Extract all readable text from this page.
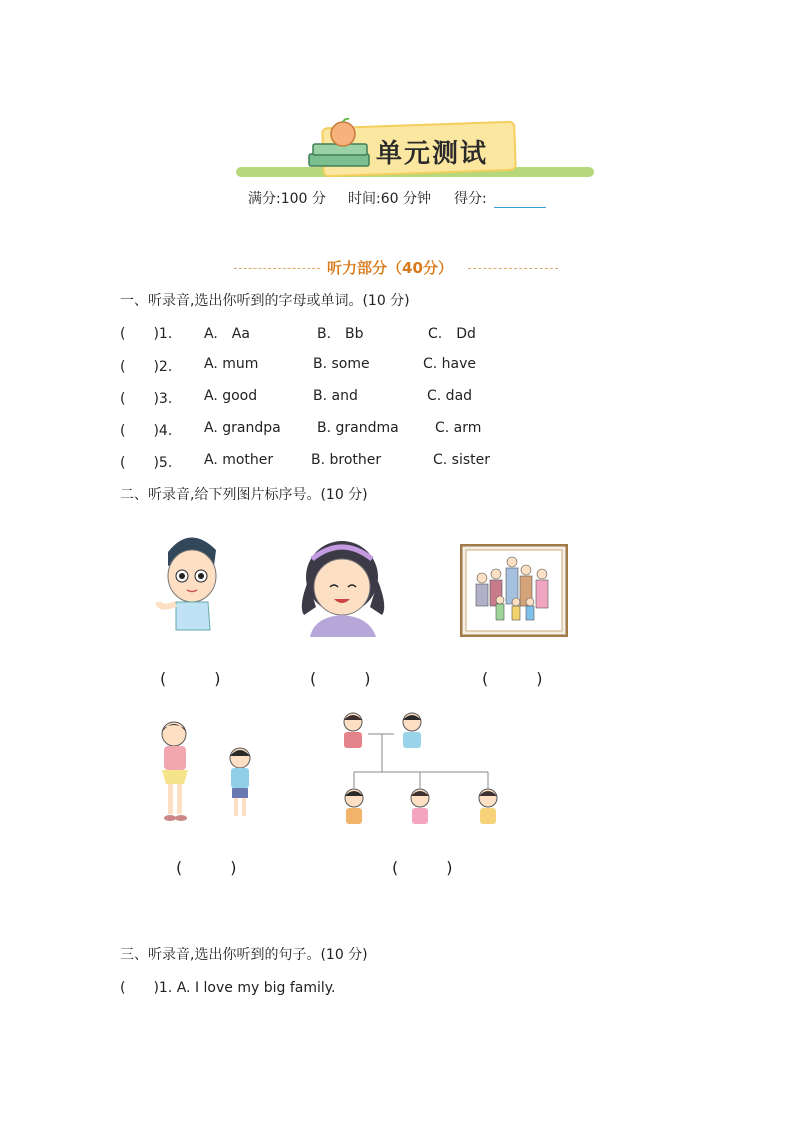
单元测试
满分:100 分 时间:60 分钟 得分:
听力部分（40分）
一、听录音,选出你听到的字母或单词。(10 分)
(　　)1. A.　Aa	B.　Bb	C.　Dd
(　　)2. A. mum	B. some	C. have
(　　)3. A. good	B. and	C. dad
(　　)4. A. grandpa	B. grandma	C. arm
(　　)5. A. mother	B. brother	C. sister
二、听录音,给下列图片标序号。(10 分)
(　　　)	(　　　)	(　　　)
(　　　)	(　　　)
三、听录音,选出你听到的句子。(10 分)
(　　)1. A. I love my big family.
